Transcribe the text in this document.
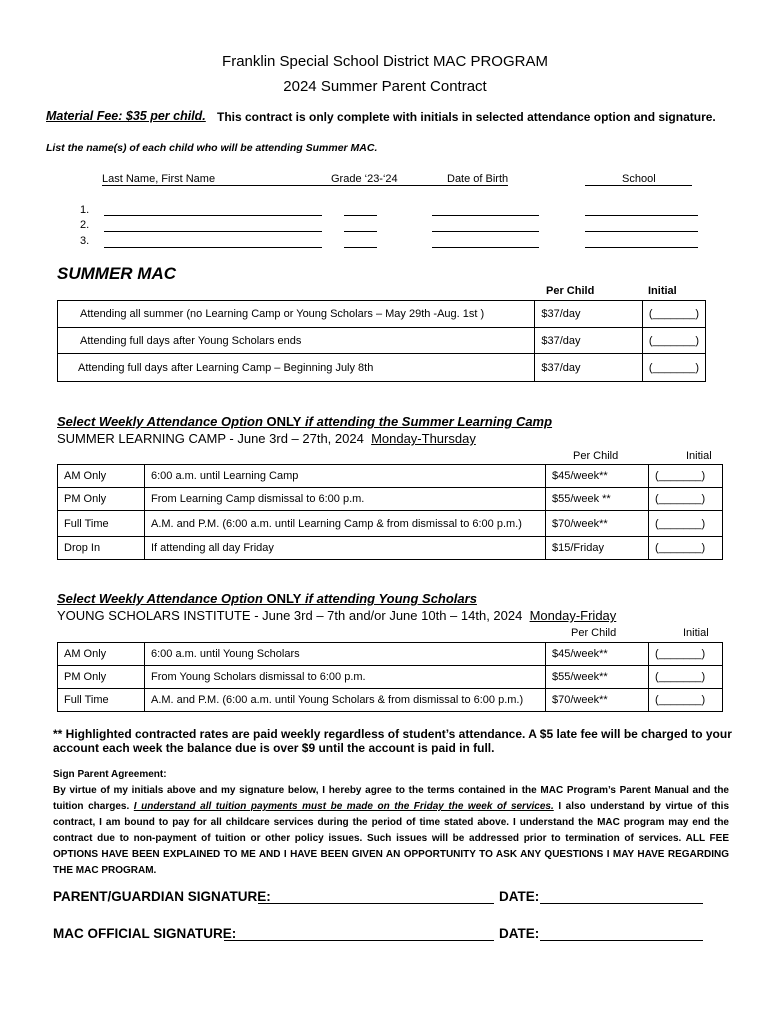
Franklin Special School District MAC PROGRAM
2024 Summer Parent Contract
Material Fee: $35 per child. This contract is only complete with initials in selected attendance option and signature.
List the name(s) of each child who will be attending Summer MAC.
Last Name, First Name	Grade ‘23-‘24	Date of Birth	School
1.
2.
3.
SUMMER MAC
Per Child	Initial
Attending all summer (no Learning Camp or Young Scholars – May 29th -Aug. 1st )	$37/day	(_______)
Attending full days after Young Scholars ends	$37/day	(_______)
Attending full days after Learning Camp – Beginning July 8th	$37/day	(_______)
Select Weekly Attendance Option ONLY if attending the Summer Learning Camp
SUMMER LEARNING CAMP - June 3rd – 27th, 2024 Monday-Thursday
Per Child	Initial
AM Only	6:00 a.m. until Learning Camp	$45/week**	(_______)
PM Only	From Learning Camp dismissal to 6:00 p.m.	$55/week **	(_______)
Full Time	A.M. and P.M. (6:00 a.m. until Learning Camp & from dismissal to 6:00 p.m.)	$70/week**	(_______)
Drop In	If attending all day Friday	$15/Friday	(_______)
Select Weekly Attendance Option ONLY if attending Young Scholars
YOUNG SCHOLARS INSTITUTE - June 3rd – 7th and/or June 10th – 14th, 2024 Monday-Friday
Per Child	Initial
AM Only	6:00 a.m. until Young Scholars	$45/week**	(_______)
PM Only	From Young Scholars dismissal to 6:00 p.m.	$55/week**	(_______)
Full Time	A.M. and P.M. (6:00 a.m. until Young Scholars & from dismissal to 6:00 p.m.)	$70/week**	(_______)
** Highlighted contracted rates are paid weekly regardless of student’s attendance. A $5 late fee will be charged to your
account each week the balance due is over $9 until the account is paid in full.
Sign Parent Agreement:
By virtue of my initials above and my signature below, I hereby agree to the terms contained in the MAC Program’s Parent Manual and the tuition charges. I understand all tuition payments must be made on the Friday the week of services. I also understand by virtue of this contract, I am bound to pay for all childcare services during the period of time stated above. I understand the MAC program may end the contract due to non-payment of tuition or other policy issues. Such issues will be addressed prior to termination of services. ALL FEE OPTIONS HAVE BEEN EXPLAINED TO ME AND I HAVE BEEN GIVEN AN OPPORTUNITY TO ASK ANY QUESTIONS I MAY HAVE REGARDING THE MAC PROGRAM.
PARENT/GUARDIAN SIGNATURE:	DATE:
MAC OFFICIAL SIGNATURE:	DATE:
